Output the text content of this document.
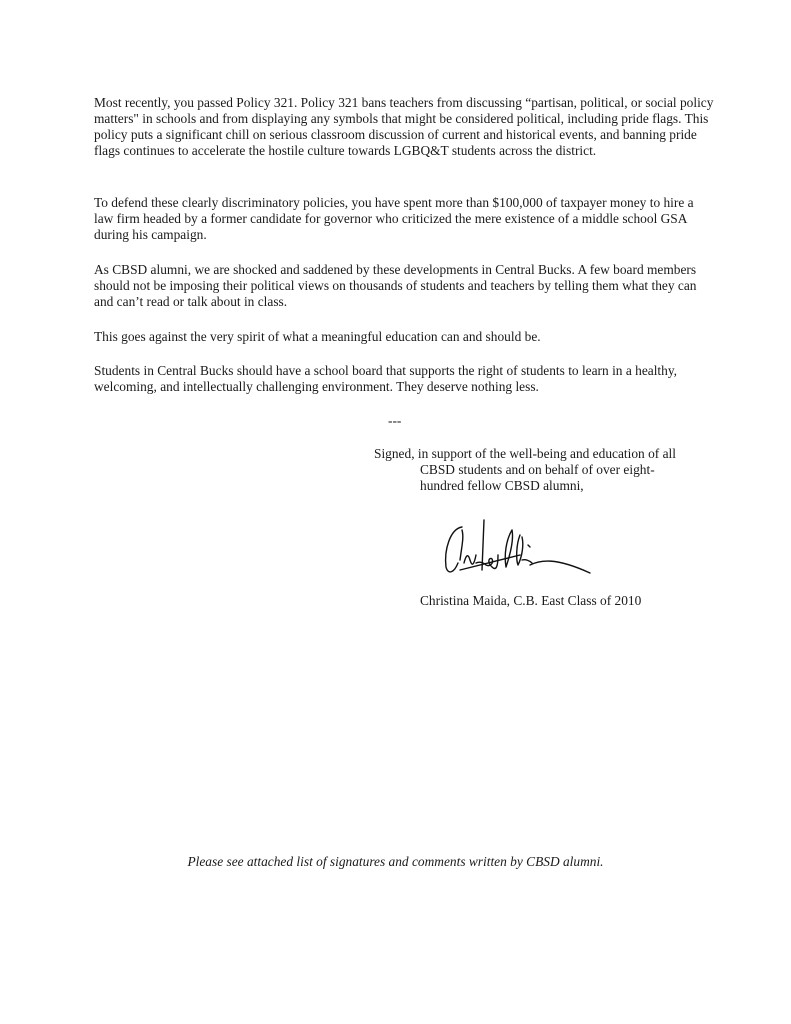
Most recently, you passed Policy 321. Policy 321 bans teachers from discussing “partisan, political, or social policy matters" in schools and from displaying any symbols that might be considered political, including pride flags. This policy puts a significant chill on serious classroom discussion of current and historical events, and banning pride flags continues to accelerate the hostile culture towards LGBQ&T students across the district.

To defend these clearly discriminatory policies, you have spent more than $100,000 of taxpayer money to hire a law firm headed by a former candidate for governor who criticized the mere existence of a middle school GSA during his campaign.

As CBSD alumni, we are shocked and saddened by these developments in Central Bucks. A few board members should not be imposing their political views on thousands of students and teachers by telling them what they can and can’t read or talk about in class.

This goes against the very spirit of what a meaningful education can and should be.

Students in Central Bucks should have a school board that supports the right of students to learn in a healthy, welcoming, and intellectually challenging environment. They deserve nothing less.

---
Signed, in support of the well-being and education of all
CBSD students and on behalf of over eight-
hundred fellow CBSD alumni,
Christina Maida, C.B. East Class of 2010
Please see attached list of signatures and comments written by CBSD alumni.
